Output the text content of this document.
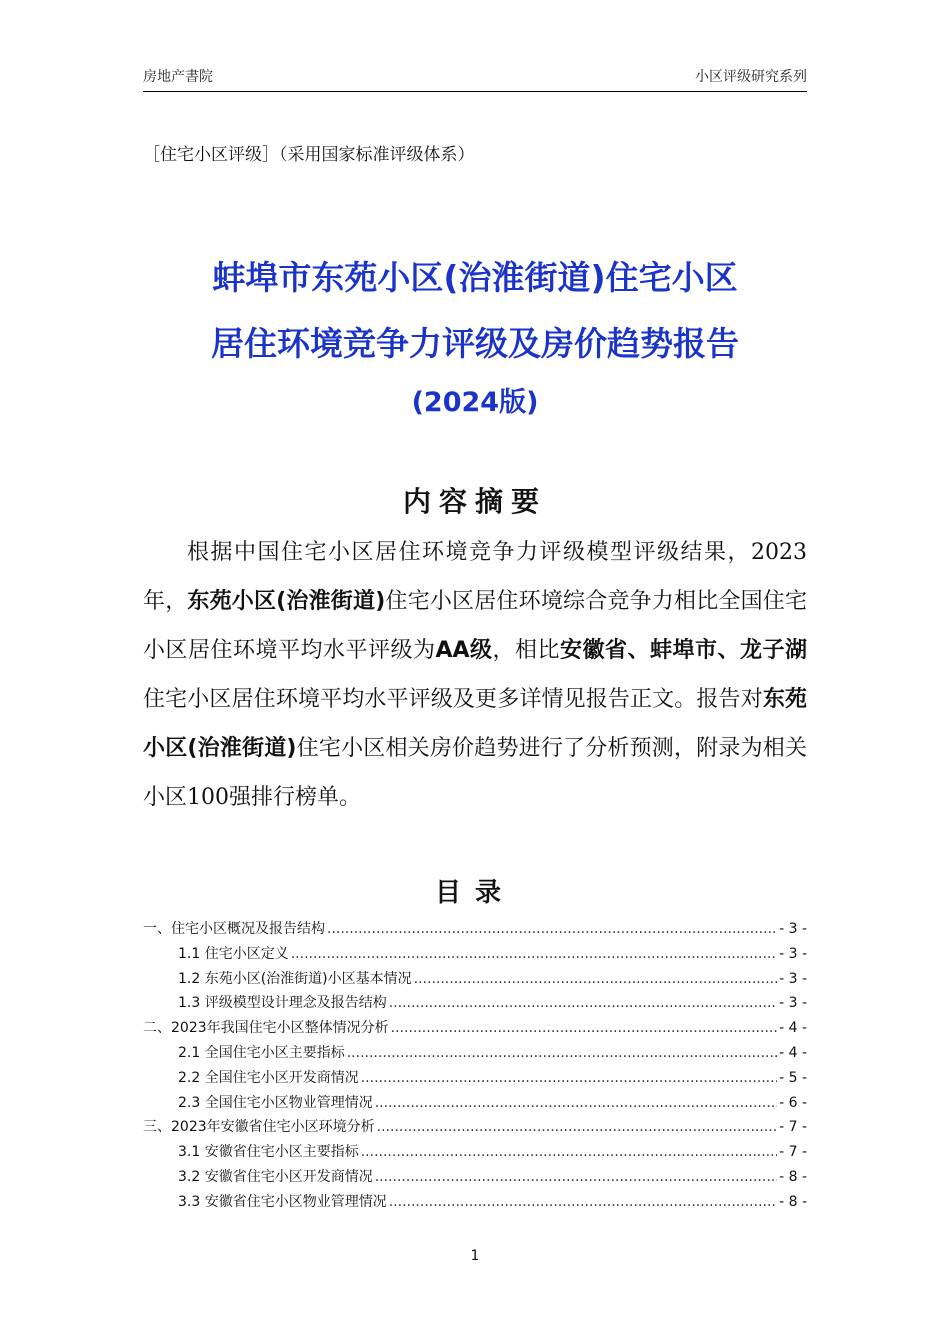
房地产書院	小区评级研究系列
［住宅小区评级］（采用国家标准评级体系）
蚌埠市东苑小区(治淮街道)住宅小区
居住环境竞争力评级及房价趋势报告
(2024版)
内容摘要
根据中国住宅小区居住环境竞争力评级模型评级结果，2023年，东苑小区(治淮街道)住宅小区居住环境综合竞争力相比全国住宅小区居住环境平均水平评级为AA级，相比安徽省、蚌埠市、龙子湖住宅小区居住环境平均水平评级及更多详情见报告正文。报告对东苑小区(治淮街道)住宅小区相关房价趋势进行了分析预测，附录为相关小区100强排行榜单。
目录
一、住宅小区概况及报告结构 .....	- 3 -
1.1 住宅小区定义 .....	- 3 -
1.2 东苑小区(治淮街道)小区基本情况 .....	- 3 -
1.3 评级模型设计理念及报告结构 .....	- 3 -
二、2023年我国住宅小区整体情况分析 .....	- 4 -
2.1 全国住宅小区主要指标 .....	- 4 -
2.2 全国住宅小区开发商情况 .....	- 5 -
2.3 全国住宅小区物业管理情况 .....	- 6 -
三、2023年安徽省住宅小区环境分析 .....	- 7 -
3.1 安徽省住宅小区主要指标 .....	- 7 -
3.2 安徽省住宅小区开发商情况 .....	- 8 -
3.3 安徽省住宅小区物业管理情况 .....	- 8 -
1
